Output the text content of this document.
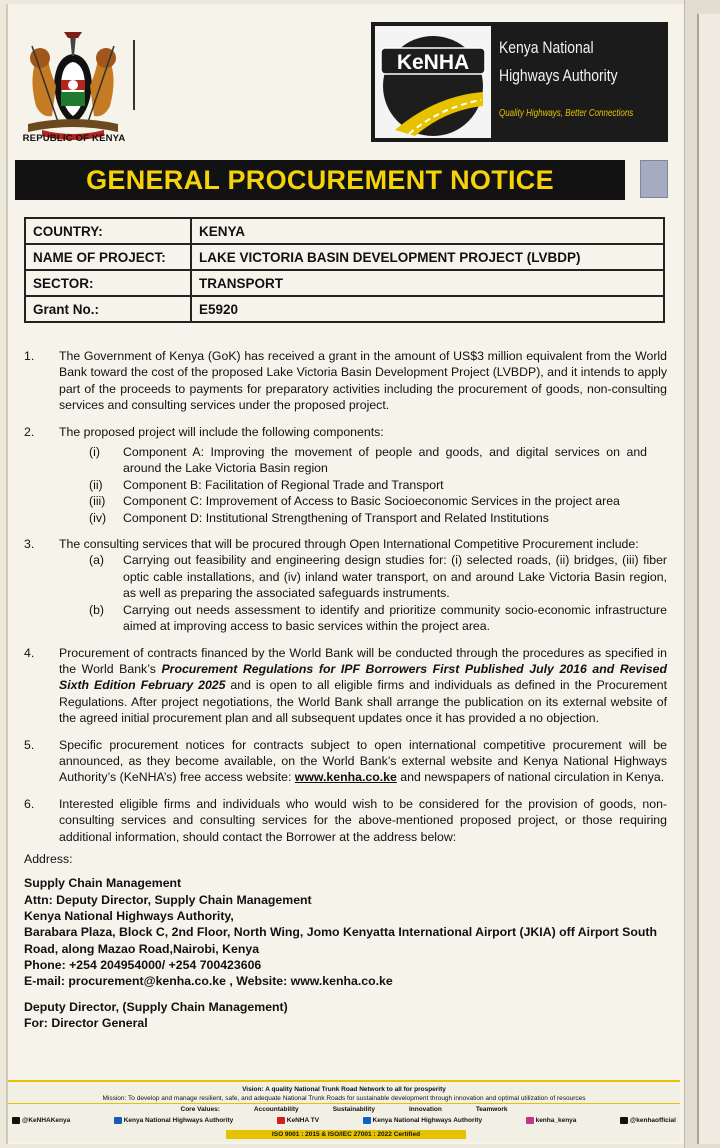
REPUBLIC OF KENYA
KeNHA
Kenya National
Highways Authority
Quality Highways, Better Connections
GENERAL PROCUREMENT NOTICE
COUNTRY:	KENYA
NAME OF PROJECT:	LAKE VICTORIA BASIN DEVELOPMENT PROJECT (LVBDP)
SECTOR:	TRANSPORT
Grant No.:	E5920
1. The Government of Kenya (GoK) has received a grant in the amount of US$3 million equivalent from the World Bank toward the cost of the proposed Lake Victoria Basin Development Project (LVBDP), and it intends to apply part of the proceeds to payments for preparatory activities including the procurement of goods, non-consulting services and consulting services under the proposed project.
2. The proposed project will include the following components:
(i) Component A: Improving the movement of people and goods, and digital services on and around the Lake Victoria Basin region
(ii) Component B: Facilitation of Regional Trade and Transport
(iii) Component C: Improvement of Access to Basic Socioeconomic Services in the project area
(iv) Component D: Institutional Strengthening of Transport and Related Institutions
3. The consulting services that will be procured through Open International Competitive Procurement include:
(a) Carrying out feasibility and engineering design studies for: (i) selected roads, (ii) bridges, (iii) fiber optic cable installations, and (iv) inland water transport, on and around Lake Victoria Basin region, as well as preparing the associated safeguards instruments.
(b) Carrying out needs assessment to identify and prioritize community socio-economic infrastructure aimed at improving access to basic services within the project area.
4. Procurement of contracts financed by the World Bank will be conducted through the procedures as specified in the World Bank’s Procurement Regulations for IPF Borrowers First Published July 2016 and Revised Sixth Edition February 2025 and is open to all eligible firms and individuals as defined in the Procurement Regulations. After project negotiations, the World Bank shall arrange the publication on its external website of the agreed initial procurement plan and all subsequent updates once it has provided a no objection.
5. Specific procurement notices for contracts subject to open international competitive procurement will be announced, as they become available, on the World Bank’s external website and Kenya National Highways Authority’s (KeNHA’s) free access website: www.kenha.co.ke and newspapers of national circulation in Kenya.
6. Interested eligible firms and individuals who would wish to be considered for the provision of goods, non-consulting services and consulting services for the above-mentioned proposed project, or those requiring additional information, should contact the Borrower at the address below:
Address:
Supply Chain Management
Attn: Deputy Director, Supply Chain Management
Kenya National Highways Authority,
Barabara Plaza, Block C, 2nd Floor, North Wing, Jomo Kenyatta International Airport (JKIA) off Airport South Road, along Mazao Road,Nairobi, Kenya
Phone: +254 204954000/ +254 700423606
E-mail: procurement@kenha.co.ke , Website: www.kenha.co.ke
Deputy Director, (Supply Chain Management)
For: Director General
Vision: A quality National Trunk Road Network to all for prosperity
Mission: To develop and manage resilient, safe, and adequate National Trunk Roads for sustainable development through innovation and optimal utilization of resources
Core Values:	Accountability	Sustainability	Innovation	Teamwork
@KeNHAKenya	Kenya National Highways Authority	KeNHA TV	Kenya National Highways Authority	kenha_kenya	@kenhaofficial
ISO 9001 : 2015 & ISO/IEC 27001 : 2022 Certified
